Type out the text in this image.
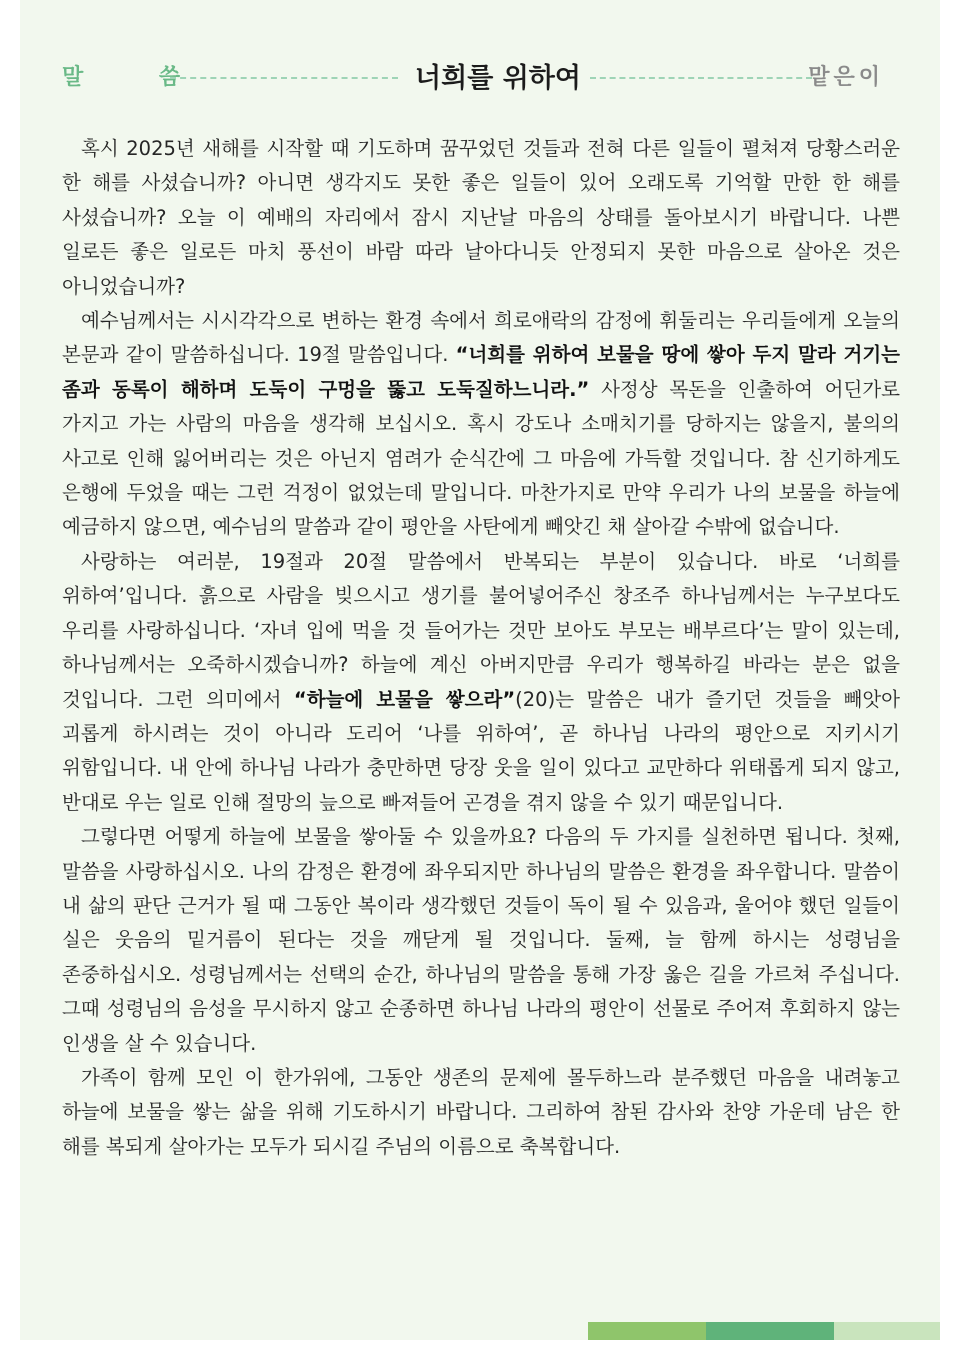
말 씀	너희를 위하여	맡은이

혹시 2025년 새해를 시작할 때 기도하며 꿈꾸었던 것들과 전혀 다른 일들이 펼쳐져 당황스러운 한 해를 사셨습니까? 아니면 생각지도 못한 좋은 일들이 있어 오래도록 기억할 만한 한 해를 사셨습니까? 오늘 이 예배의 자리에서 잠시 지난날 마음의 상태를 돌아보시기 바랍니다. 나쁜 일로든 좋은 일로든 마치 풍선이 바람 따라 날아다니듯 안정되지 못한 마음으로 살아온 것은 아니었습니까?

예수님께서는 시시각각으로 변하는 환경 속에서 희로애락의 감정에 휘둘리는 우리들에게 오늘의 본문과 같이 말씀하십니다. 19절 말씀입니다. “너희를 위하여 보물을 땅에 쌓아 두지 말라 거기는 좀과 동록이 해하며 도둑이 구멍을 뚫고 도둑질하느니라.” 사정상 목돈을 인출하여 어딘가로 가지고 가는 사람의 마음을 생각해 보십시오. 혹시 강도나 소매치기를 당하지는 않을지, 불의의 사고로 인해 잃어버리는 것은 아닌지 염려가 순식간에 그 마음에 가득할 것입니다. 참 신기하게도 은행에 두었을 때는 그런 걱정이 없었는데 말입니다. 마찬가지로 만약 우리가 나의 보물을 하늘에 예금하지 않으면, 예수님의 말씀과 같이 평안을 사탄에게 빼앗긴 채 살아갈 수밖에 없습니다.

사랑하는 여러분, 19절과 20절 말씀에서 반복되는 부분이 있습니다. 바로 ‘너희를 위하여’입니다. 흙으로 사람을 빚으시고 생기를 불어넣어주신 창조주 하나님께서는 누구보다도 우리를 사랑하십니다. ‘자녀 입에 먹을 것 들어가는 것만 보아도 부모는 배부르다’는 말이 있는데, 하나님께서는 오죽하시겠습니까? 하늘에 계신 아버지만큼 우리가 행복하길 바라는 분은 없을 것입니다. 그런 의미에서 “하늘에 보물을 쌓으라”(20)는 말씀은 내가 즐기던 것들을 빼앗아 괴롭게 하시려는 것이 아니라 도리어 ‘나를 위하여’, 곧 하나님 나라의 평안으로 지키시기 위함입니다. 내 안에 하나님 나라가 충만하면 당장 웃을 일이 있다고 교만하다 위태롭게 되지 않고, 반대로 우는 일로 인해 절망의 늪으로 빠져들어 곤경을 겪지 않을 수 있기 때문입니다.

그렇다면 어떻게 하늘에 보물을 쌓아둘 수 있을까요? 다음의 두 가지를 실천하면 됩니다. 첫째, 말씀을 사랑하십시오. 나의 감정은 환경에 좌우되지만 하나님의 말씀은 환경을 좌우합니다. 말씀이 내 삶의 판단 근거가 될 때 그동안 복이라 생각했던 것들이 독이 될 수 있음과, 울어야 했던 일들이 실은 웃음의 밑거름이 된다는 것을 깨닫게 될 것입니다. 둘째, 늘 함께 하시는 성령님을 존중하십시오. 성령님께서는 선택의 순간, 하나님의 말씀을 통해 가장 옳은 길을 가르쳐 주십니다. 그때 성령님의 음성을 무시하지 않고 순종하면 하나님 나라의 평안이 선물로 주어져 후회하지 않는 인생을 살 수 있습니다.

가족이 함께 모인 이 한가위에, 그동안 생존의 문제에 몰두하느라 분주했던 마음을 내려놓고 하늘에 보물을 쌓는 삶을 위해 기도하시기 바랍니다. 그리하여 참된 감사와 찬양 가운데 남은 한 해를 복되게 살아가는 모두가 되시길 주님의 이름으로 축복합니다.
